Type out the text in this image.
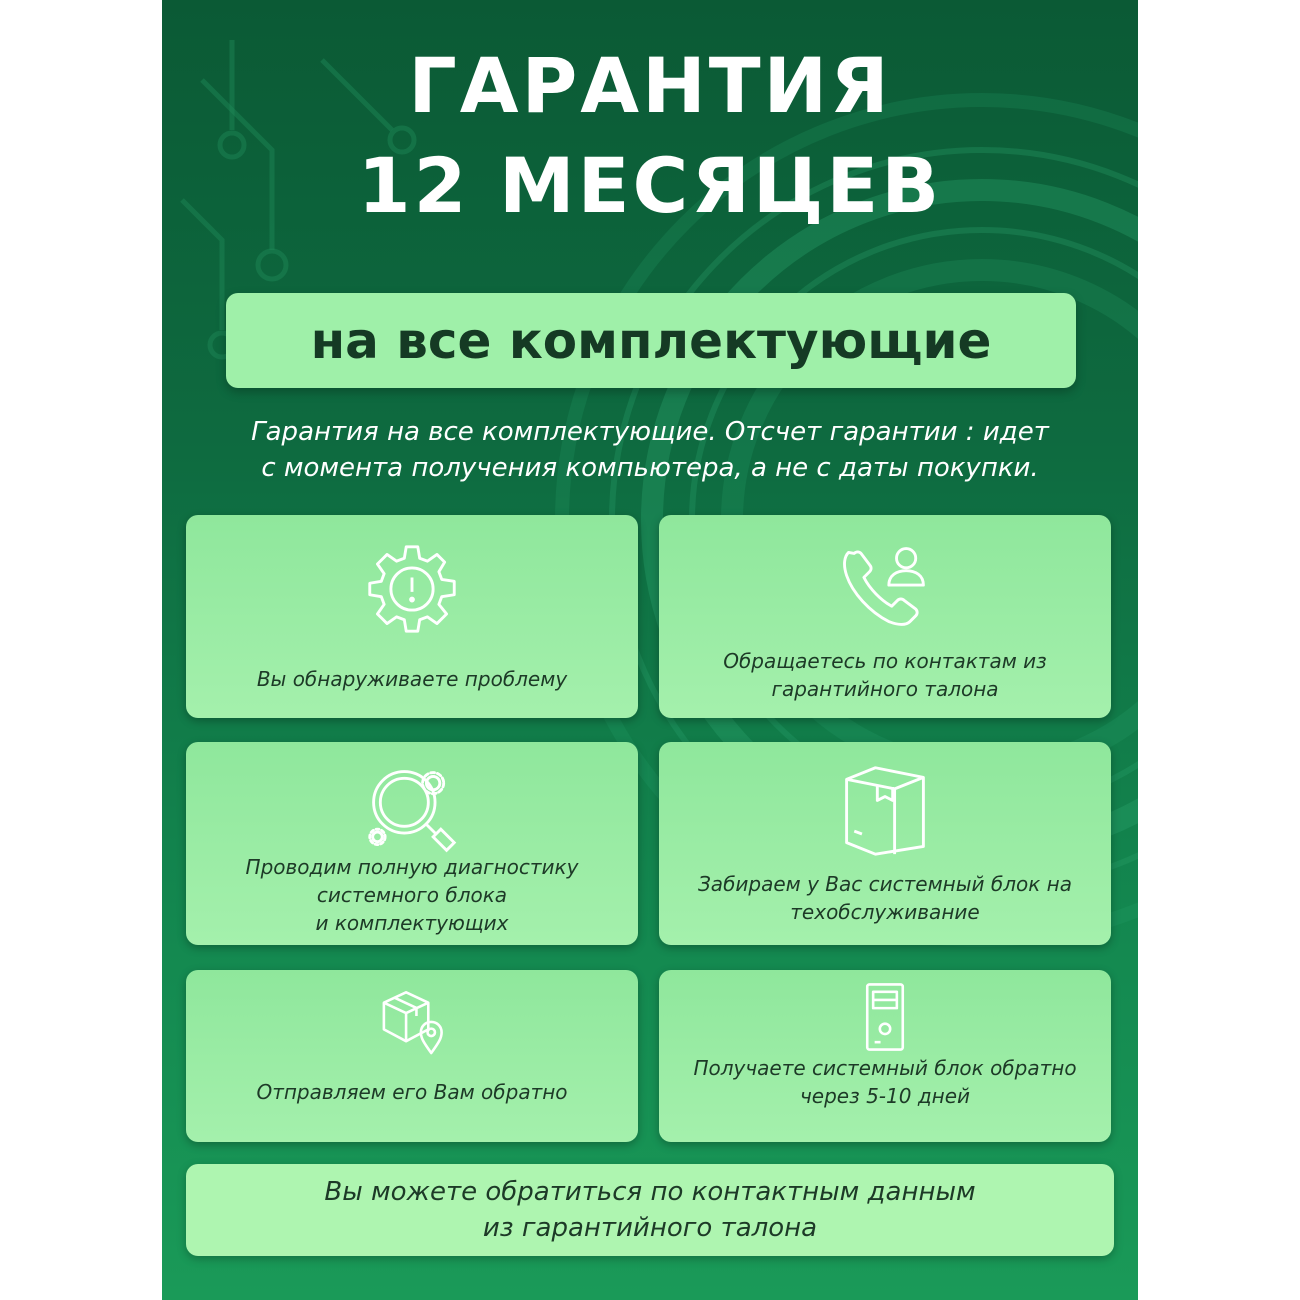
ГАРАНТИЯ
12 МЕСЯЦЕВ
на все комплектующие
Гарантия на все комплектующие. Отсчет гарантии : идет
с момента получения компьютера, а не с даты покупки.
Вы обнаруживаете проблему
Обращаетесь по контактам из
гарантийного талона
Проводим полную диагностику
системного блока
и комплектующих
Забираем у Вас системный блок на
техобслуживание
Отправляем его Вам обратно
Получаете системный блок обратно
через 5-10 дней
Вы можете обратиться по контактным данным
из гарантийного талона
